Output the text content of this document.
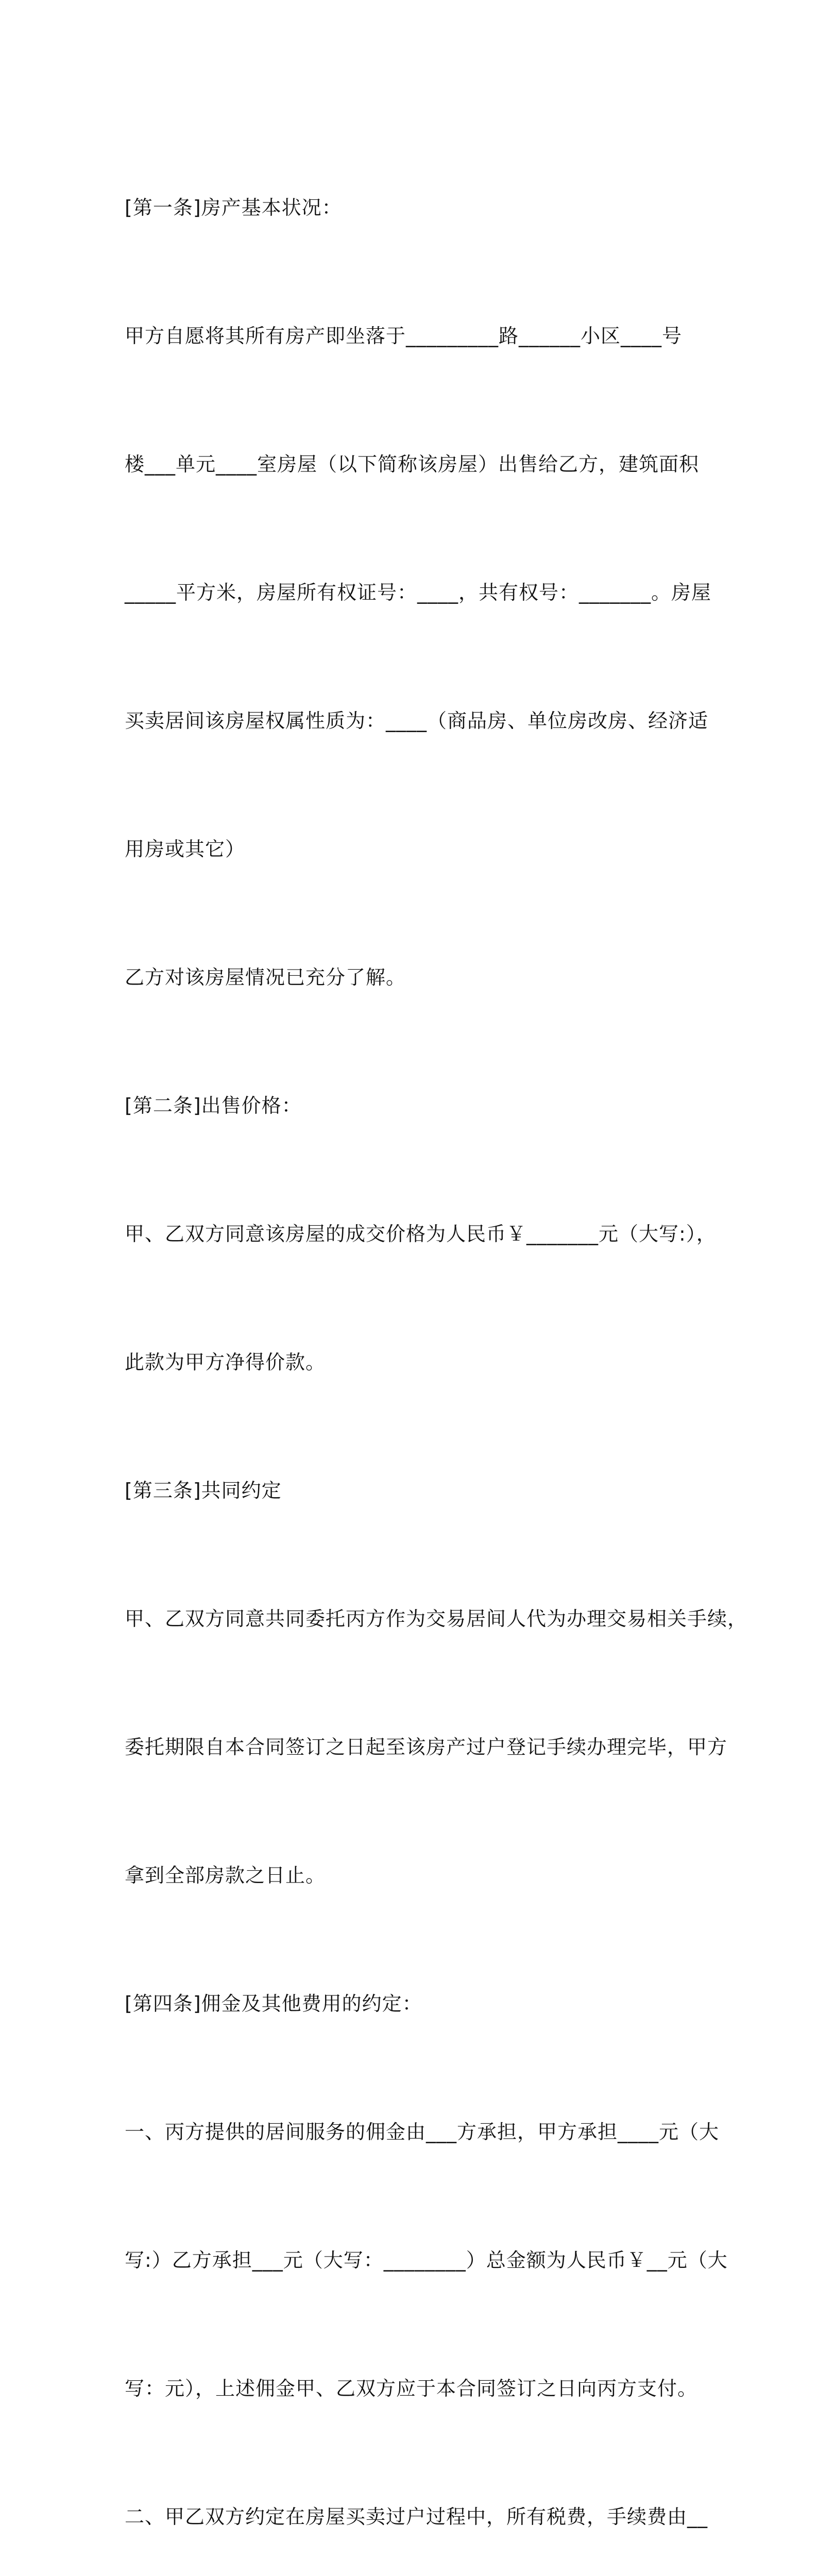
[第一条]房产基本状况：

甲方自愿将其所有房产即坐落于_________路______小区____号

楼___单元____室房屋（以下简称该房屋）出售给乙方，建筑面积

_____平方米，房屋所有权证号：____，共有权号：_______。房屋

买卖居间该房屋权属性质为：____（商品房、单位房改房、经济适

用房或其它）

乙方对该房屋情况已充分了解。

[第二条]出售价格：

甲、乙双方同意该房屋的成交价格为人民币￥_______元（大写:），

此款为甲方净得价款。

[第三条]共同约定

甲、乙双方同意共同委托丙方作为交易居间人代为办理交易相关手续，

委托期限自本合同签订之日起至该房产过户登记手续办理完毕，甲方

拿到全部房款之日止。

[第四条]佣金及其他费用的约定：

一、丙方提供的居间服务的佣金由___方承担，甲方承担____元（大

写:）乙方承担___元（大写：________）总金额为人民币￥__元（大

写：元），上述佣金甲、乙双方应于本合同签订之日向丙方支付。

二、甲乙双方约定在房屋买卖过户过程中，所有税费，手续费由__
